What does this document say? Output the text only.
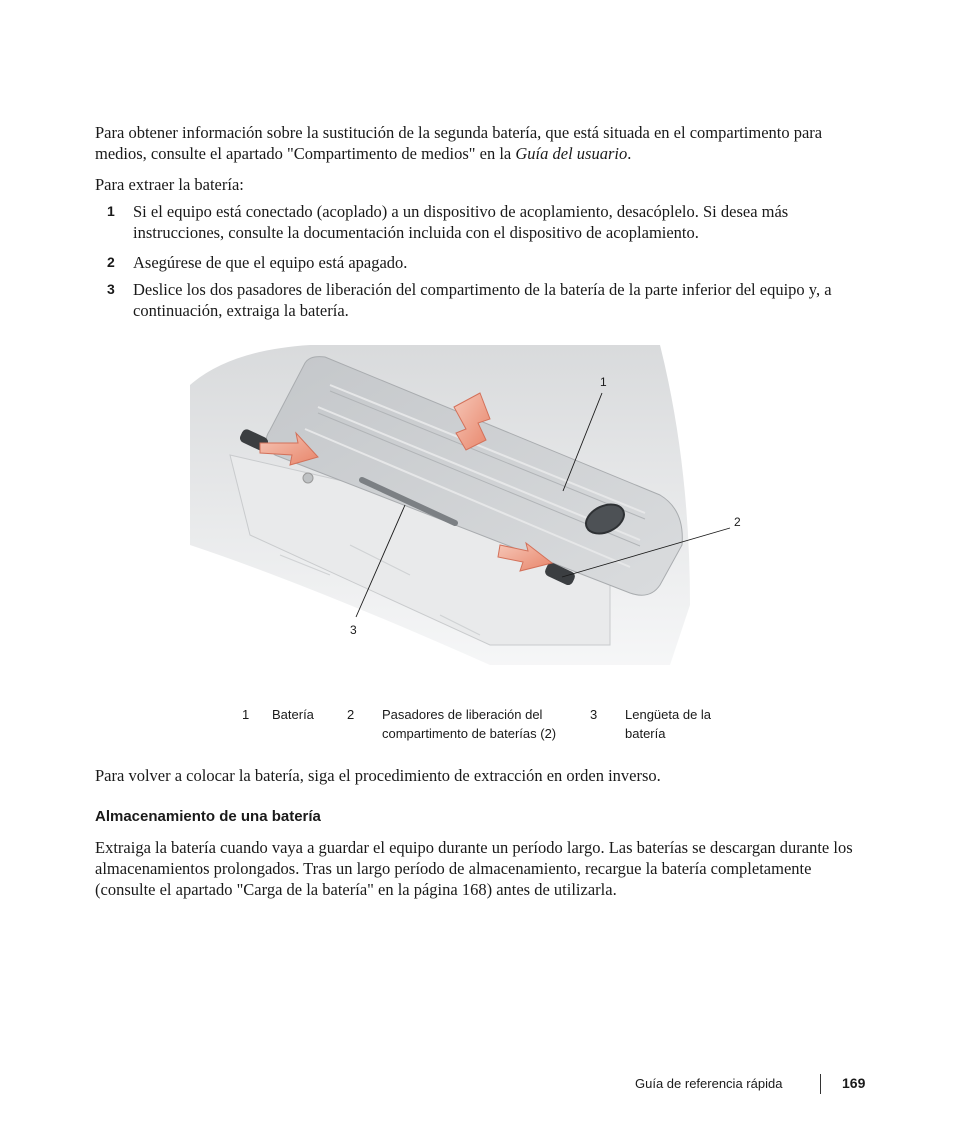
Para obtener información sobre la sustitución de la segunda batería, que está situada en el compartimento para medios, consulte el apartado "Compartimento de medios" en la Guía del usuario.

Para extraer la batería:

1 Si el equipo está conectado (acoplado) a un dispositivo de acoplamiento, desacóplelo. Si desea más instrucciones, consulte la documentación incluida con el dispositivo de acoplamiento.
2 Asegúrese de que el equipo está apagado.
3 Deslice los dos pasadores de liberación del compartimento de la batería de la parte inferior del equipo y, a continuación, extraiga la batería.
1
2
3
1 Batería	2 Pasadores de liberación del compartimento de baterías (2)
3 Lengüeta de la batería

Para volver a colocar la batería, siga el procedimiento de extracción en orden inverso.

Almacenamiento de una batería

Extraiga la batería cuando vaya a guardar el equipo durante un período largo. Las baterías se descargan durante los almacenamientos prolongados. Tras un largo período de almacenamiento, recargue la batería completamente (consulte el apartado "Carga de la batería" en la página 168) antes de utilizarla.

Guía de referencia rápida	169
